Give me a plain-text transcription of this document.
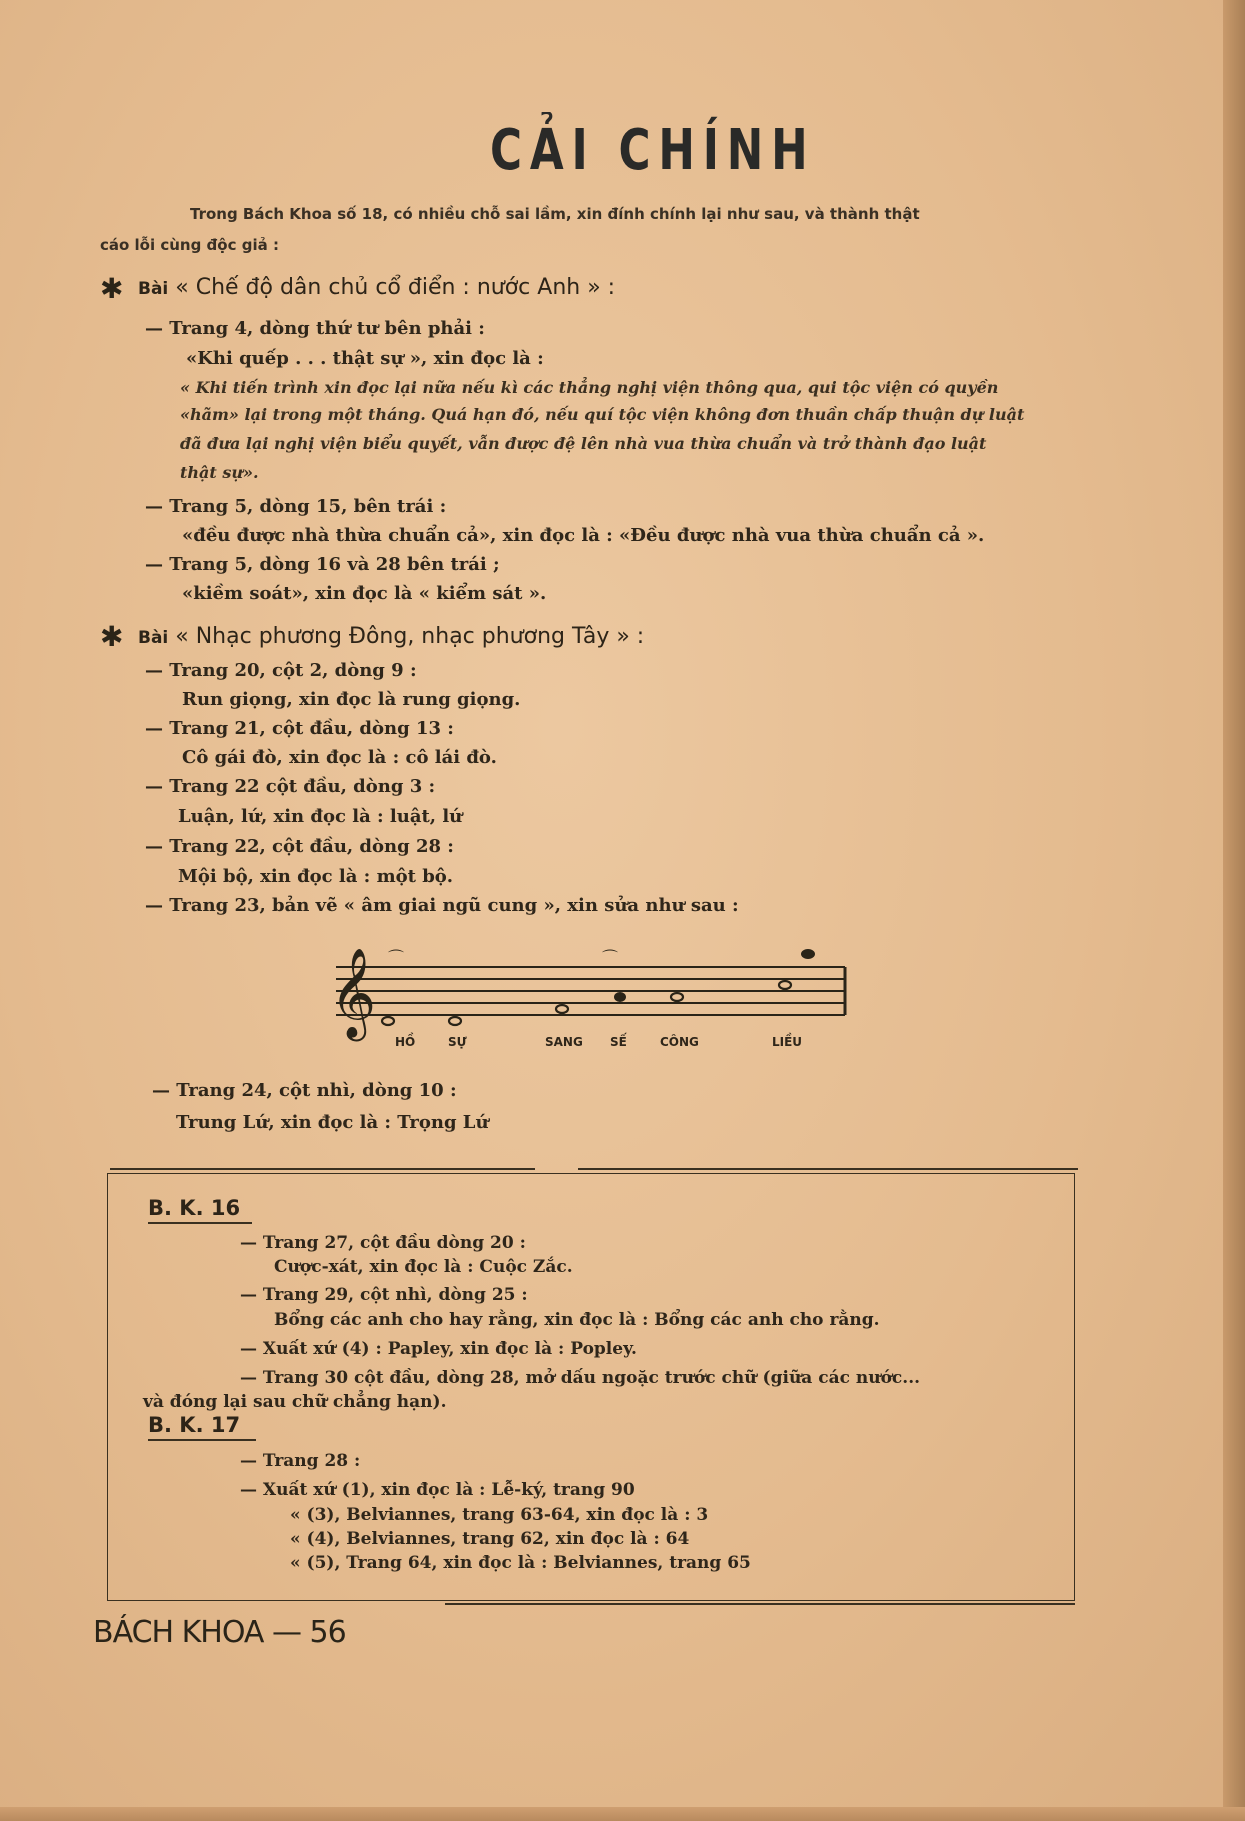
CẢI CHÍNH
Trong Bách Khoa số 18, có nhiều chỗ sai lầm, xin đính chính lại như sau, và thành thật
cáo lỗi cùng độc giả :
✱ Bài « Chế độ dân chủ cổ điển : nước Anh » :
— Trang 4, dòng thứ tư bên phải :
«Khi quếp . . . thật sự », xin đọc là :
« Khi tiến trình xin đọc lại nữa nếu kì các thẳng nghị viện thông qua, qui tộc viện có quyền
«hãm» lại trong một tháng. Quá hạn đó, nếu quí tộc viện không đơn thuần chấp thuận dự luật
đã đưa lại nghị viện biểu quyết, vẫn được đệ lên nhà vua thừa chuẩn và trở thành đạo luật
thật sự».
— Trang 5, dòng 15, bên trái :
«đều được nhà thừa chuẩn cả», xin đọc là : «Đều được nhà vua thừa chuẩn cả ».
— Trang 5, dòng 16 và 28 bên trái ;
«kiềm soát», xin đọc là « kiểm sát ».
✱ Bài « Nhạc phương Đông, nhạc phương Tây » :
— Trang 20, cột 2, dòng 9 :
Run giọng, xin đọc là rung giọng.
— Trang 21, cột đầu, dòng 13 :
Cô gái đò, xin đọc là : cô lái đò.
— Trang 22 cột đầu, dòng 3 :
Luận, lứ, xin đọc là : luật, lứ
— Trang 22, cột đầu, dòng 28 :
Mội bộ, xin đọc là : một bộ.
— Trang 23, bản vẽ « âm giai ngũ cung », xin sửa như sau :
𝄞 ⌒	⌒
HỒ	SỰ	SANG SẾ	CÔNG	LIỀU
— Trang 24, cột nhì, dòng 10 :
Trung Lứ, xin đọc là : Trọng Lứ
B. K. 16
— Trang 27, cột đầu dòng 20 :
Cược-xát, xin đọc là : Cuộc Zắc.
— Trang 29, cột nhì, dòng 25 :
Bổng các anh cho hay rằng, xin đọc là : Bổng các anh cho rằng.
— Xuất xứ (4) : Papley, xin đọc là : Popley.
— Trang 30 cột đầu, dòng 28, mở dấu ngoặc trước chữ (giữa các nước...
và đóng lại sau chữ chẳng hạn).
B. K. 17
— Trang 28 :
— Xuất xứ (1), xin đọc là : Lễ-ký, trang 90
« (3), Belviannes, trang 63-64, xin đọc là : 3
« (4), Belviannes, trang 62, xin đọc là : 64
« (5), Trang 64, xin đọc là : Belviannes, trang 65
BÁCH KHOA — 56
